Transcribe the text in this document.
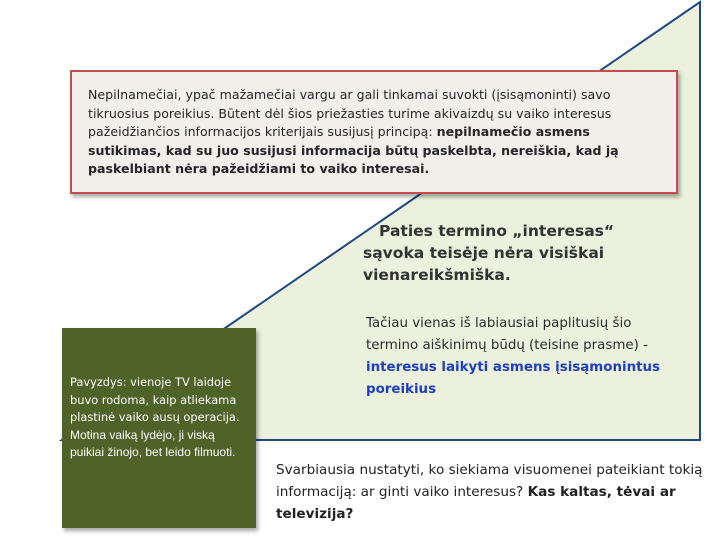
Nepilnamečiai, ypač mažamečiai vargu ar gali tinkamai suvokti (įsisąmoninti) savo tikruosius poreikius. Būtent dėl šios priežasties turime akivaizdų su vaiko interesus pažeidžiančios informacijos kriterijais susijusį principą: nepilnamečio asmens sutikimas, kad su juo susijusi informacija būtų paskelbta, nereiškia, kad ją paskelbiant nėra pažeidžiami to vaiko interesai.
Paties termino „interesas“
sąvoka teisėje nėra visiškai vienareikšmiška.
Tačiau vienas iš labiausiai paplitusių šio termino aiškinimų būdų (teisine prasme) - interesus laikyti asmens įsisąmonintus poreikius
Pavyzdys: vienoje TV laidoje buvo rodoma, kaip atliekama plastinė vaiko ausų operacija. Motina vaiką lydėjo, ji viską puikiai žinojo, bet leido filmuoti.
Svarbiausia nustatyti, ko siekiama visuomenei pateikiant tokią informaciją: ar ginti vaiko interesus? Kas kaltas, tėvai ar televizija?
